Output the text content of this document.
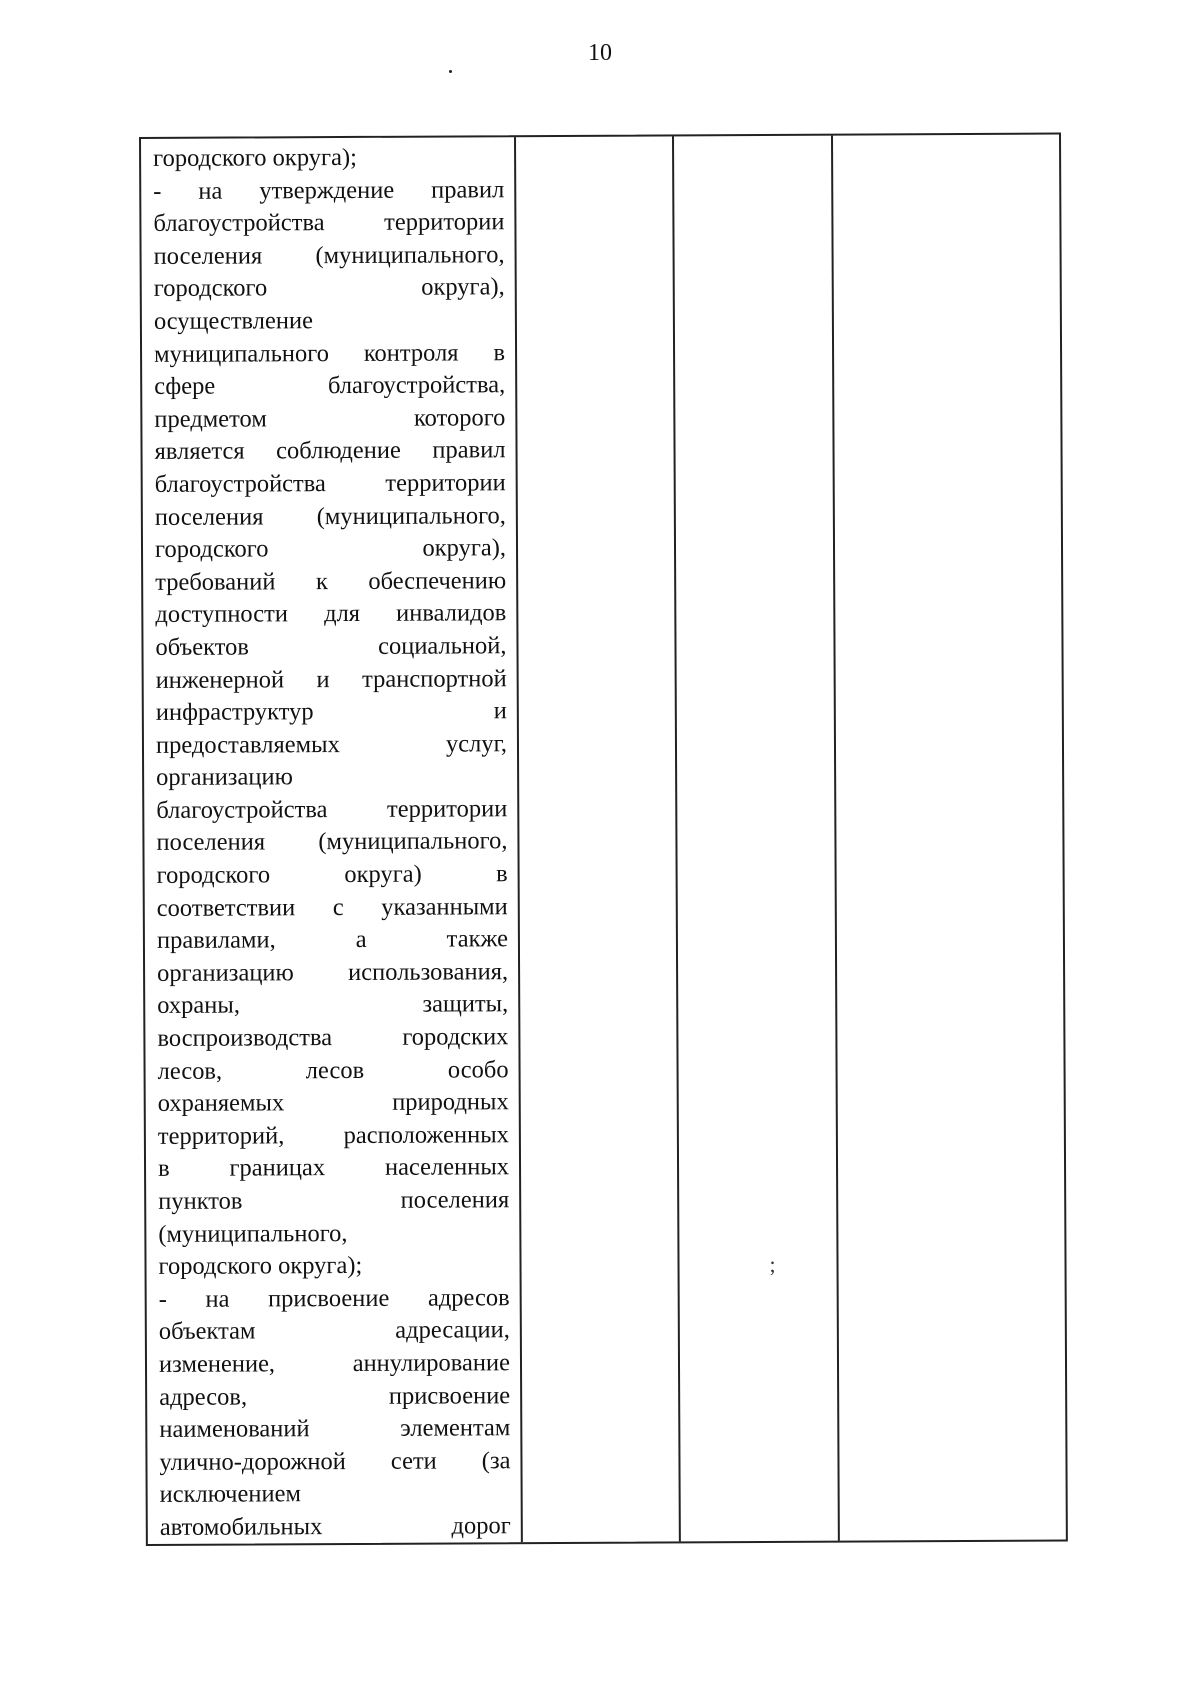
10
городского округа);
- на утверждение правил
благоустройства территории
поселения (муниципального,
городского округа),
осуществление
муниципального контроля в
сфере благоустройства,
предметом которого
является соблюдение правил
благоустройства территории
поселения (муниципального,
городского округа),
требований к обеспечению
доступности для инвалидов
объектов социальной,
инженерной и транспортной
инфраструктур и
предоставляемых услуг,
организацию
благоустройства территории
поселения (муниципального,
городского округа) в
соответствии с указанными
правилами, а также
организацию использования,
охраны, защиты,
воспроизводства городских
лесов, лесов особо
охраняемых природных
территорий, расположенных
в границах населенных
пунктов поселения
(муниципального,
городского округа);
- на присвоение адресов
объектам адресации,
изменение, аннулирование
адресов, присвоение
наименований элементам
улично-дорожной сети (за
исключением
автомобильных дорог
;
